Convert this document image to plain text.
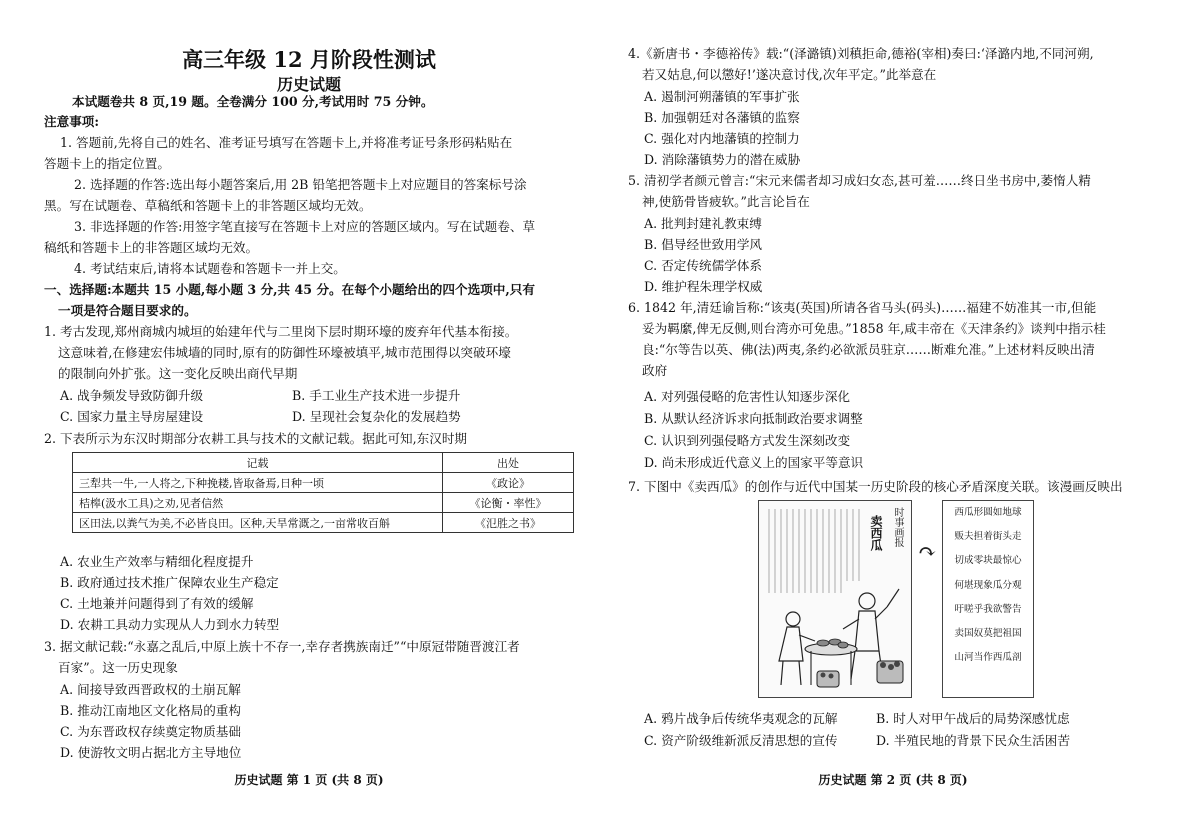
高三年级 12 月阶段性测试
历史试题
本试题卷共 8 页,19 题。全卷满分 100 分,考试用时 75 分钟。
注意事项:
1. 答题前,先将自己的姓名、准考证号填写在答题卡上,并将准考证号条形码粘贴在
答题卡上的指定位置。
2. 选择题的作答:选出每小题答案后,用 2B 铅笔把答题卡上对应题目的答案标号涂
黑。写在试题卷、草稿纸和答题卡上的非答题区域均无效。
3. 非选择题的作答:用签字笔直接写在答题卡上对应的答题区域内。写在试题卷、草
稿纸和答题卡上的非答题区域均无效。
4. 考试结束后,请将本试题卷和答题卡一并上交。
一、选择题:本题共 15 小题,每小题 3 分,共 45 分。在每个小题给出的四个选项中,只有
一项是符合题目要求的。
1. 考古发现,郑州商城内城垣的始建年代与二里岗下层时期环壕的废弃年代基本衔接。
这意味着,在修建宏伟城墙的同时,原有的防御性环壕被填平,城市范围得以突破环壕
的限制向外扩张。这一变化反映出商代早期
A. 战争频发导致防御升级	B. 手工业生产技术进一步提升
C. 国家力量主导房屋建设	D. 呈现社会复杂化的发展趋势
2. 下表所示为东汉时期部分农耕工具与技术的文献记载。据此可知,东汉时期
记载	出处
三犁共一牛,一人将之,下种挽耧,皆取备焉,日种一顷	《政论》
桔槔(汲水工具)之劝,见者信然	《论衡・率性》
区田法,以粪气为美,不必皆良田。区种,天旱常溉之,一亩常收百斛	《氾胜之书》
A. 农业生产效率与精细化程度提升
B. 政府通过技术推广保障农业生产稳定
C. 土地兼并问题得到了有效的缓解
D. 农耕工具动力实现从人力到水力转型
3. 据文献记载:“永嘉之乱后,中原上族十不存一,幸存者携族南迁”“中原冠带随晋渡江者
百家”。这一历史现象
A. 间接导致西晋政权的土崩瓦解
B. 推动江南地区文化格局的重构
C. 为东晋政权存续奠定物质基础
D. 使游牧文明占据北方主导地位
历史试题 第 1 页 (共 8 页)
4.《新唐书・李德裕传》载:“(泽潞镇)刘稹拒命,德裕(宰相)奏曰:‘泽潞内地,不同河朔,
若又姑息,何以懲好!’遂决意讨伐,次年平定。”此举意在
A. 遏制河朔藩镇的军事扩张
B. 加强朝廷对各藩镇的监察
C. 强化对内地藩镇的控制力
D. 消除藩镇势力的潜在威胁
5. 清初学者颜元曾言:“宋元来儒者却习成妇女态,甚可羞……终日坐书房中,萎惰人精
神,使筋骨皆疲软。”此言论旨在
A. 批判封建礼教束缚
B. 倡导经世致用学风
C. 否定传统儒学体系
D. 维护程朱理学权威
6. 1842 年,清廷谕旨称:“该夷(英国)所请各省马头(码头)……福建不妨准其一市,但能
妥为羁縻,俾无反侧,则台湾亦可免患。”1858 年,咸丰帝在《天津条约》谈判中指示桂
良:“尔等告以英、佛(法)两夷,条约必欲派员驻京……断难允准。”上述材料反映出清
政府
A. 对列强侵略的危害性认知逐步深化
B. 从默认经济诉求向抵制政治要求调整
C. 认识到列强侵略方式发生深刻改变
D. 尚未形成近代意义上的国家平等意识
7. 下图中《卖西瓜》的创作与近代中国某一历史阶段的核心矛盾深度关联。该漫画反映出
时事画报
卖西瓜
↷
西瓜形圆如地球
贩夫担着街头走
切成零块最惊心
何堪现象瓜分观
吁嗟乎我欲警告
卖国奴莫把祖国
山河当作西瓜剖
A. 鸦片战争后传统华夷观念的瓦解	B. 时人对甲午战后的局势深感忧虑
C. 资产阶级维新派反清思想的宣传	D. 半殖民地的背景下民众生活困苦
历史试题 第 2 页 (共 8 页)
